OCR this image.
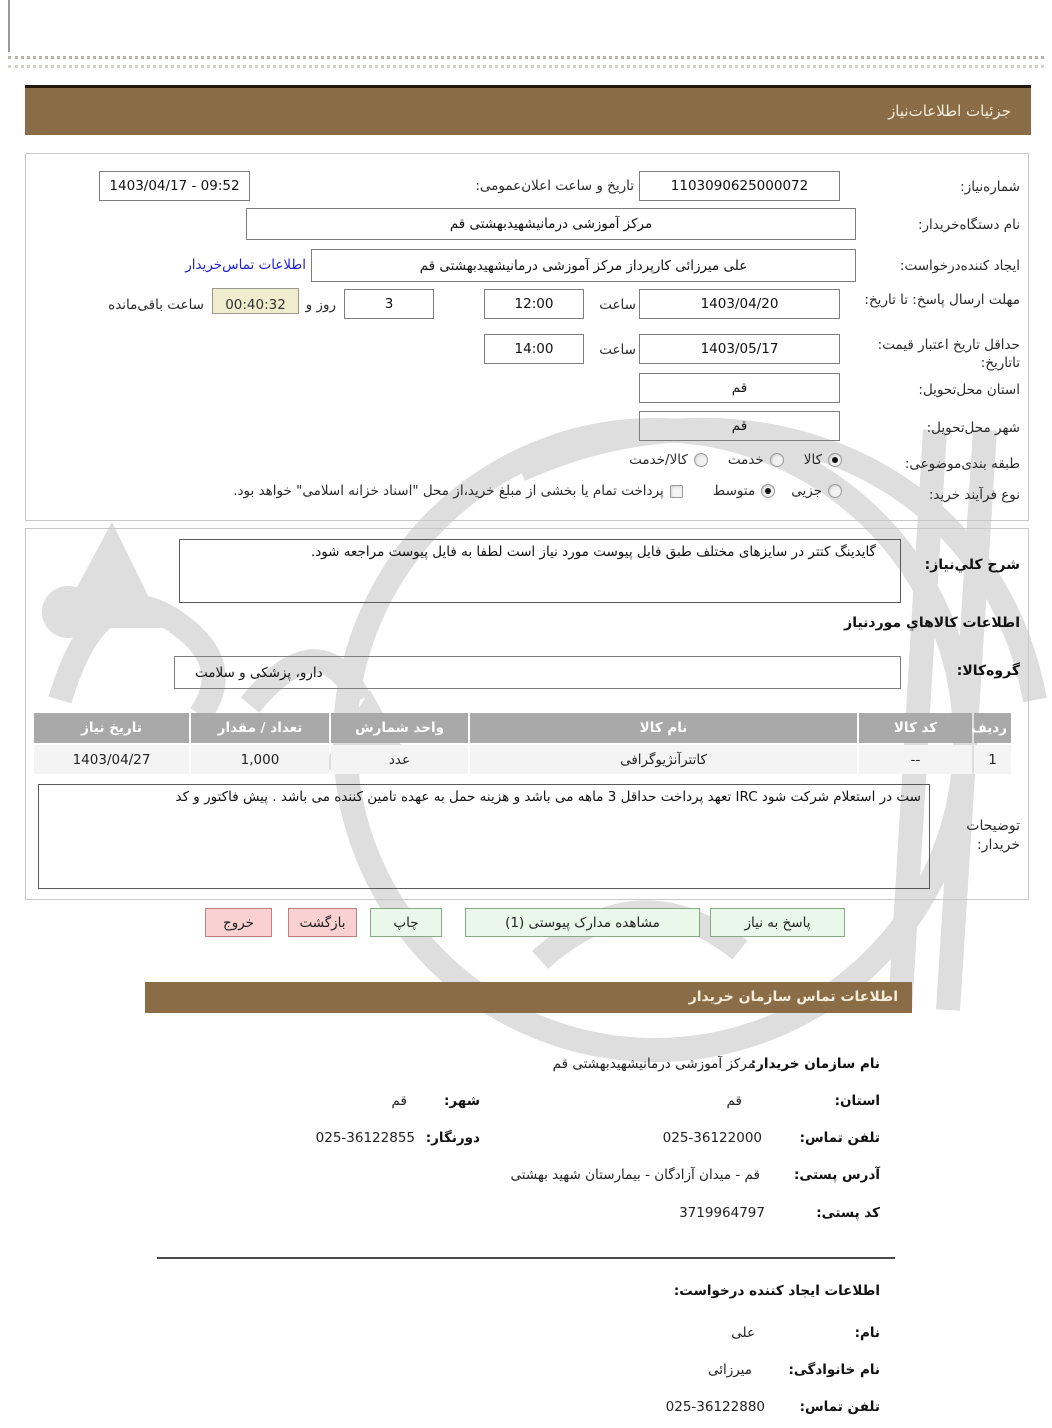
جزئیات اطلاعات‌نیاز
شماره‌نیاز:
1103090625000072
تاریخ و ساعت اعلان‌عمومی:
1403/04/17 - 09:52
نام دستگاه‌خریدار:
مرکز آموزشی درمانیشهیدبهشتی قم
ایجاد کننده‌درخواست:
علی میرزائی کارپرداز مرکز آموزشی درمانیشهیدبهشتی قم
اطلاعات تماس‌خریدار
مهلت ارسال پاسخ: تا تاریخ:
1403/04/20
ساعت
12:00
3
روز و
00:40:32
ساعت باقی‌مانده
حداقل تاریخ اعتبار قیمت: تاتاریخ:
1403/05/17
ساعت
14:00
استان محل‌تحویل:
قم
شهر محل‌تحویل:
قم
طبقه بندی‌موضوعی:
کالا
خدمت
کالا/خدمت
نوع فرآیند خرید:
جزیی
متوسط
پرداخت تمام یا بخشی از مبلغ خرید،از محل "اسناد خزانه اسلامی" خواهد بود.
شرح کلي‌نیاز:
گایدینگ کتتر در سایزهای مختلف طبق فایل پیوست مورد نیاز است لطفا به فایل پیوست مراجعه شود.
اطلاعات کالاهاي موردنیاز
گروه‌کالا:
دارو، پزشکی و سلامت
ردیف	کد کالا	نام کالا	واحد شمارش	تعداد / مقدار	تاریخ نیاز
1	--	کاتترآنژیوگرافی	عدد	1,000	1403/04/27
توضیحات خریدار:
ست در استعلام شرکت شود IRC تعهد پرداخت حداقل 3 ماهه می باشد و هزینه حمل به عهده تامین کننده می باشد . پیش فاکتور و کد
پاسخ به نیاز
مشاهده مدارک پیوستی (1)
چاپ
بازگشت
خروج
اطلاعات تماس سازمان خریدار
نام سازمان خریدار:
مرکز آموزشی درمانیشهیدبهشتی قم
استان:
قم
شهر:
قم
تلفن تماس:
025-36122000
دورنگار:
025-36122855
آدرس پستی:
قم - میدان آزادگان - بیمارستان شهید بهشتی
کد پستی:
3719964797
اطلاعات ایجاد کننده درخواست:
نام:
علی
نام خانوادگی:
میرزائی
تلفن تماس:
025-36122880
